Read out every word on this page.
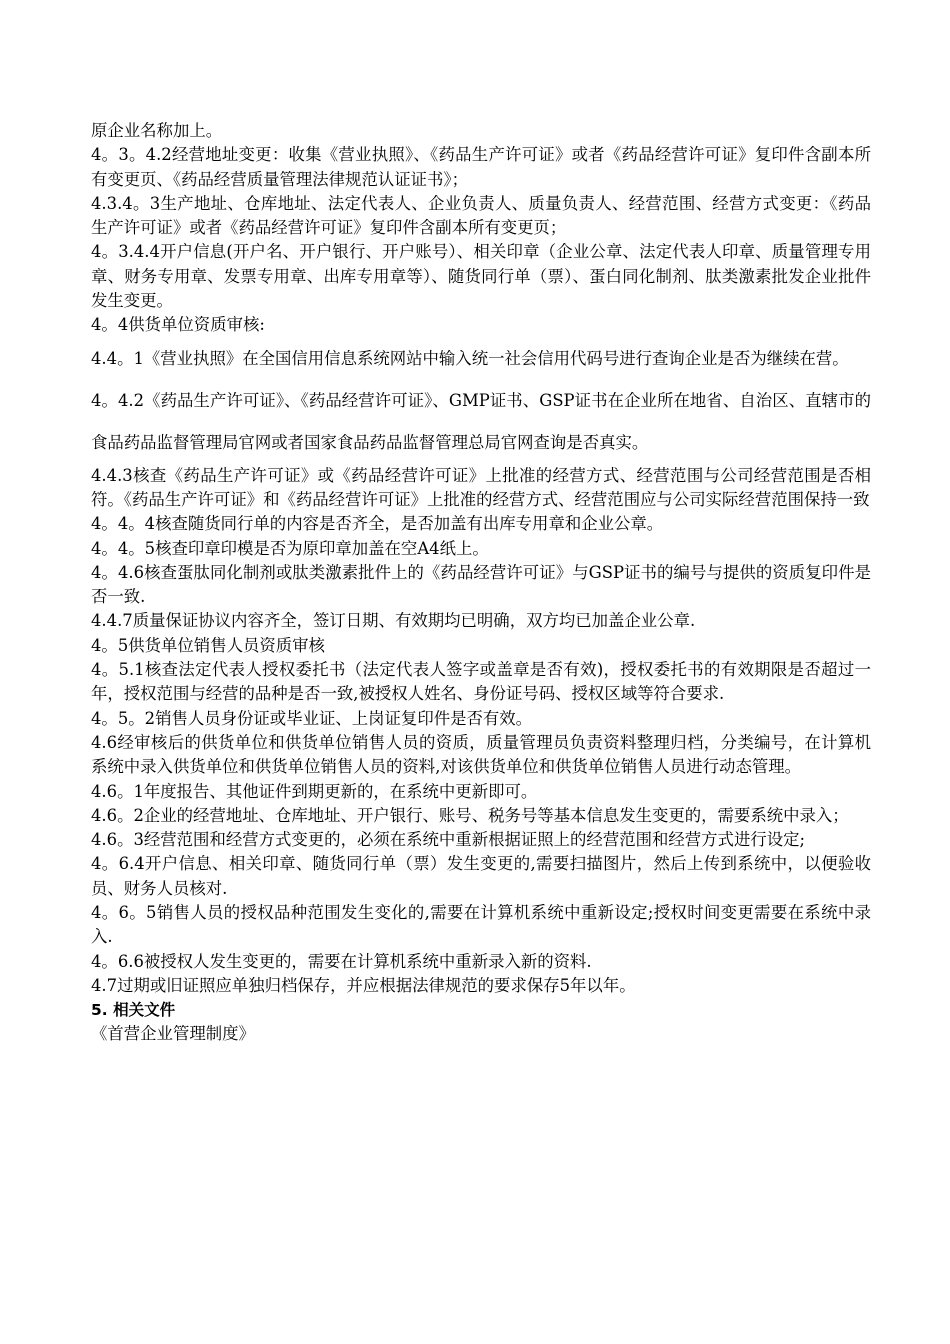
原企业名称加上。

4。3。4.2经营地址变更：收集《营业执照》、《药品生产许可证》或者《药品经营许可证》复印件含副本所有变更页、《药品经营质量管理法律规范认证证书》；

4.3.4。3生产地址、仓库地址、法定代表人、企业负责人、质量负责人、经营范围、经营方式变更：《药品生产许可证》或者《药品经营许可证》复印件含副本所有变更页；

4。3.4.4开户信息(开户名、开户银行、开户账号）、相关印章（企业公章、法定代表人印章、质量管理专用章、财务专用章、发票专用章、出库专用章等）、随货同行单（票）、蛋白同化制剂、肽类激素批发企业批件发生变更。

4。4供货单位资质审核:

4.4。1《营业执照》在全国信用信息系统网站中输入统一社会信用代码号进行查询企业是否为继续在营。

4。4.2《药品生产许可证》、《药品经营许可证》、GMP证书、GSP证书在企业所在地省、自治区、直辖市的食品药品监督管理局官网或者国家食品药品监督管理总局官网查询是否真实。

4.4.3核查《药品生产许可证》或《药品经营许可证》上批准的经营方式、经营范围与公司经营范围是否相符。《药品生产许可证》和《药品经营许可证》上批准的经营方式、经营范围应与公司实际经营范围保持一致

4。4。4核查随货同行单的内容是否齐全，是否加盖有出库专用章和企业公章。

4。4。5核查印章印模是否为原印章加盖在空A4纸上。

4。4.6核查蛋肽同化制剂或肽类激素批件上的《药品经营许可证》与GSP证书的编号与提供的资质复印件是否一致.

4.4.7质量保证协议内容齐全，签订日期、有效期均已明确，双方均已加盖企业公章.

4。5供货单位销售人员资质审核

4。5.1核查法定代表人授权委托书（法定代表人签字或盖章是否有效)，授权委托书的有效期限是否超过一年，授权范围与经营的品种是否一致,被授权人姓名、身份证号码、授权区域等符合要求.

4。5。2销售人员身份证或毕业证、上岗证复印件是否有效。

4.6经审核后的供货单位和供货单位销售人员的资质，质量管理员负责资料整理归档，分类编号，在计算机系统中录入供货单位和供货单位销售人员的资料,对该供货单位和供货单位销售人员进行动态管理。

4.6。1年度报告、其他证件到期更新的，在系统中更新即可。

4.6。2企业的经营地址、仓库地址、开户银行、账号、税务号等基本信息发生变更的，需要系统中录入；

4.6。3经营范围和经营方式变更的，必须在系统中重新根据证照上的经营范围和经营方式进行设定;

4。6.4开户信息、相关印章、随货同行单（票）发生变更的,需要扫描图片，然后上传到系统中，以便验收员、财务人员核对.

4。6。5销售人员的授权品种范围发生变化的,需要在计算机系统中重新设定;授权时间变更需要在系统中录入.

4。6.6被授权人发生变更的，需要在计算机系统中重新录入新的资料.

4.7过期或旧证照应单独归档保存，并应根据法律规范的要求保存5年以年。

5. 相关文件

《首营企业管理制度》
